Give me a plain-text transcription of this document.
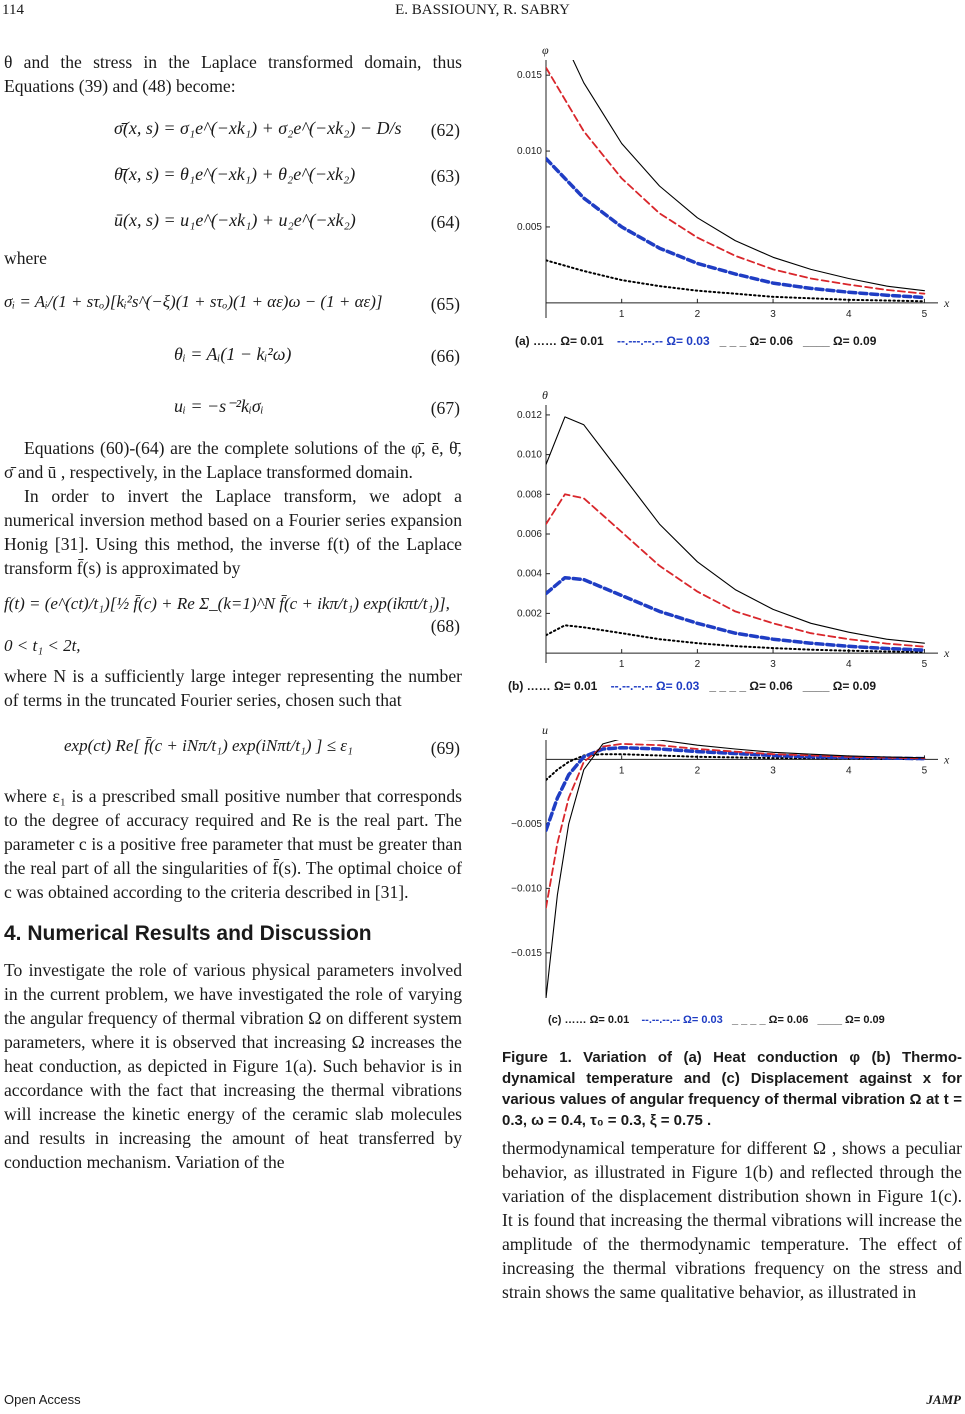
114	E. BASSIOUNY, R. SABRY

θ and the stress in the Laplace transformed domain, thus Equations (39) and (48) become:

σ̄(x, s) = σ₁e^(−xk₁) + σ₂e^(−xk₂) − D/s (62)
θ̄(x, s) = θ₁e^(−xk₁) + θ₂e^(−xk₂)	(63)
ū(x, s) = u₁e^(−xk₁) + u₂e^(−xk₂)	(64)

where

σᵢ = Aᵢ/(1 + sτₒ)[kᵢ²s^(−ξ)(1 + sτₒ)(1 + αε)ω − (1 + αε)]	(65)
θᵢ = Aᵢ(1 − kᵢ²ω)	(66)
uᵢ = −s⁻²kᵢσᵢ	(67)

Equations (60)-(64) are the complete solutions of the φ̄, ē, θ̄, σ̄ and ū , respectively, in the Laplace transformed domain.

In order to invert the Laplace transform, we adopt a numerical inversion method based on a Fourier series expansion Honig [31]. Using this method, the inverse f(t) of the Laplace transform f̄(s) is approximated by

f(t) = (e^(ct)/t₁)[½ f̄(c) + Re Σ_(k=1)^N f̄(c + ikπ/t₁) exp(ikπt/t₁)],
0 < t₁ < 2t,
(68)

where N is a sufficiently large integer representing the number of terms in the truncated Fourier series, chosen such that

exp(ct) Re[ f̄(c + iNπ/t₁) exp(iNπt/t₁) ] ≤ ε₁	(69)

where ε₁ is a prescribed small positive number that corresponds to the degree of accuracy required and Re is the real part. The parameter c is a positive free parameter that must be greater than the real part of all the singularities of f̄(s). The optimal choice of c was obtained according to the criteria described in [31].

4. Numerical Results and Discussion

To investigate the role of various physical parameters involved in the current problem, we have investigated the role of varying the angular frequency of thermal vibration Ω on different system parameters, where it is observed that increasing Ω increases the heat conduction, as depicted in Figure 1(a). Such behavior is in accordance with the fact that increasing the thermal vibrations will increase the kinetic energy of the ceramic slab molecules and results in increasing the amount of heat transferred by conduction mechanism. Variation of the

φ
x
1	2	3	4	5
0.005
0.010
0.015
(a) …… Ω= 0.01 --.---.--.-- Ω= 0.03 _ _ _ Ω= 0.06 ____ Ω= 0.09
θ
x
1	2	3	4	5
0.002
0.004
0.006
0.008
0.010
0.012
(b) …… Ω= 0.01 --.--.--.-- Ω= 0.03 _ _ _ _ Ω= 0.06 ____ Ω= 0.09
u
x
1	2	3	4	5
−0.005
−0.010
−0.015
(c) …… Ω= 0.01 --.--.--.-- Ω= 0.03 _ _ _ _ Ω= 0.06 ____ Ω= 0.09
Figure 1. Variation of (a) Heat conduction φ (b) Thermo-dynamical temperature and (c) Displacement against x for various values of angular frequency of thermal vibration Ω at t = 0.3, ω = 0.4, τ₀ = 0.3, ξ = 0.75 .

thermodynamical temperature for different Ω , shows a peculiar behavior, as illustrated in Figure 1(b) and reflected through the variation of the displacement distribution shown in Figure 1(c). It is found that increasing the thermal vibrations will increase the amplitude of the thermodynamic temperature. The effect of increasing the thermal vibrations frequency on the stress and strain shows the same qualitative behavior, as illustrated in

Open Access	JAMP
